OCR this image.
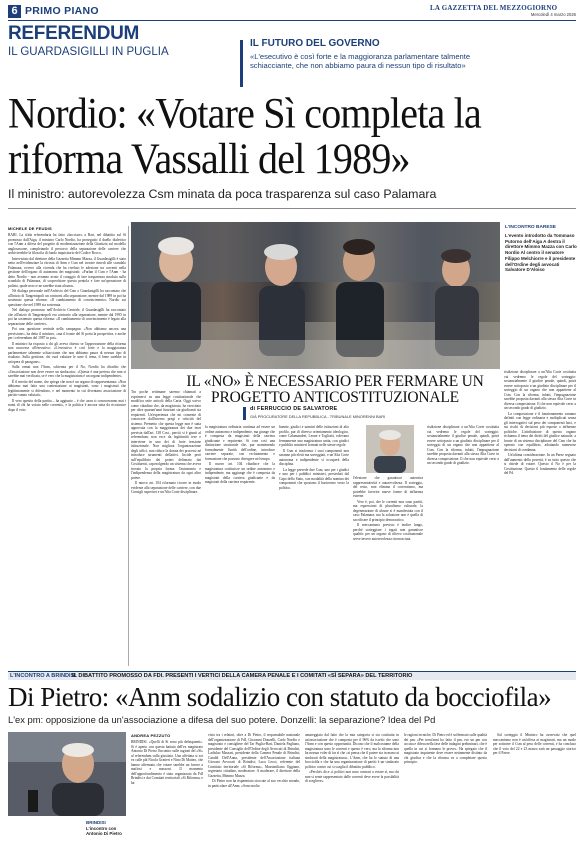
6 PRIMO PIANO	LA GAZZETTA DEL MEZZOGIORNO
Mercoledì 4 marzo 2026
REFERENDUM
IL GUARDASIGILLI IN PUGLIA
IL FUTURO DEL GOVERNO
«L'esecutivo è così forte e la maggioranza parlamentare talmente schiacciante, che non abbiamo paura di nessun tipo di risultato»
Nordio: «Votare Sì completa la riforma Vassalli del 1989»
Il ministro: autorevolezza Csm minata da poca trasparenza sul caso Palamara
L'INCONTRO BARESE
L'evento introdotto da Tommaso Putorno dell'Aiga A destra il direttore Mimmo Mazza con Carlo Nordio Al centro il senatore Filippo Melchiorre e il presidente dell'Ordine degli avvocati Salvatore D'Aloiso
MICHELE DE FEUDIS

BARI. La sfida referendaria ha fatto «bocciare» a Bari, nel dibattito sul Sì promosso dall'Aiga, il ministro Carlo Nordio, ha proseguito il duello dialettico con l'Anm a difesa del progetto di modernizzazione della Giustizia sul modello anglosassone, completando il percorso della separazione delle carriere che archivierebbe la filosofia di fondo inquisitorio del Codice Rocco.

Intervistato dal direttore della Gazzetta Mimmo Mazza, il Guardasigilli è stato netto nell'evidenziare la ritrosia di Anm e Csm nel trovare rimedi alle scandalo Palamara, ovvero alla vicenda che ha rivelato le adesione tra correnti nella gestione dell'organo di autonoma dei magistrati: «Furlan il Csm e l'Anm - ha detto Nordio - non avranno avuto il coraggio di fare trasparenza assoluta sullo scandalo di Palamara, di scoperchiare questa pentola e fare un'operazione di pulizia, quale non ce ne sarebbe stata alcuna».

Né dialoga personale nell'Archivio del Csm o Guardasigilli ha raccontato che all'inizio di Tangentopoli un contrarsi alla separazione, mentre dal 1989 in poi ha sostenuto questa riforma: «Il cambiamento di convincimento» Nordio sui questione che nel 1989 sia sostenuta.

Nel dialogo promosso nell'Archivio Centrale, il Guardasigilli ha raccontato che all'inizio di Tangentopoli era contrario alla separazione, mentre dal 1995 in poi ha sostenuto questa riforma: «Il cambiamento di convincimento è legato alla separazione delle carriere».

Poi una questione centrale nella campagna: «Non abbiamo ancora una previsione», ha detto il ministro, «ma il fronte del Sì porta la prospettiva, e anche per i referendum del 1987 in poi».

Il ministro ha risposto a chi gli aveva chiesto se l'approvazione della riforma non nuocesse all'esecutivo: «L'esecutivo è così forte e la maggioranza parlamentare talmente schiacciante che non abbiamo paura di nessun tipo di risultato. Sulla gestione, chi vuol valutare le urne il tema, il bene sarebbe in un'opera di paragone».

Sulla ormai non l'Anm, schierata per il No, Nordio ha ribadito che «l'associazione non deve essere un sindacato»: «Questa è una pretesa che non si sarebbe mai verificata, se è vero che la magistratura è un organo indipendente».

È il merito del nome, che spiega che non è un organo di rappresentanza: «Non abbiamo mai fatto una contestazione ai magistrati, sono i magistrati che legittimamente si difendono, e nel momento in cui diventano associazione di partito vanno valutati».

Il vero quesito della partita – ha aggiunto – è che «non si conosceranno mai i nomi di chi ha votato nelle correnti», e la politica è ancora tutta da ricostruire dopo il voto.

IL «NO» È NECESSARIO PER FERMARE UN PROGETTO ANTICOSTITUZIONALE
di FERRUCCIO DE SALVATORE
GIÀ PROCURATORE DELLA REPUBBLICA - TRIBUNALE MINORENNI BARI

Tra poche settimane saremo chiamati a esprimerci su una legge costituzionale che modifica sette articoli della Carta. Oggi scrivo come cittadino che, da magistrato, ha esercitato per oltre quarant'anni funzioni sia giudicanti sia requirenti. Un'esperienza che mi consente di conoscere dall'interno pregi e criticità del sistema. Premetto che questa legge non è stata approvata con la maggioranza dei due terzi prevista dall'art. 138 Cost., perciò si è giunti al referendum; non esce da legittimità tese e interviene in uno dei di forte tensione istituzionale. Non migliora l'organizzazione degli uffici, non riduce la durata dei processi né introduce strumenti deflattivi. Incide però sull'equilibrio dei poteri delineato dai Costituenti, capovolgendo un sistema che aveva trovato la propria forma: l'autonomia e l'indipendenza della magistratura da ogni altro potere.

Il nuovo art. 104 riformato ricorre in modo evidente alla separazione delle carriere, con due Consigli superiori e un'Alta Corte disciplinare.

la magistratura ordinaria continua ad essere un ordine autonomo e indipendente, ma giunge che è composta da magistrati della carriera giudicante e requirente. Si crea così una distinzione strutturale che, pur mantenendo formalmente l'unità dell'ordine, introduce carriere separate, con reclutamento e formazione che possono divergere nel tempo.

Il nuovo art. 104 ribadisce che la magistratura costituisce un ordine autonomo e indipendente, ma aggiunge che è composta da magistrati della carriera giudicante e da magistrati della carriera requirente.

buente, giudici e uomini delle istituzioni di alto profilo, pur di diverso orientamento ideologico, come Calamandrei, Leone e Togliatti, volevano fermamente una magistratura unita, con giudici e pubblici ministeri formati nelle stesse regole.

Il Csm si trasforma: i suoi componenti non saranno più eletti ma sorteggiati, e un'Alta Corte autonoma e indipendente si occuperà della disciplina.

La legge prevede due Csm, uno per i giudici e uno per i pubblici ministeri, presieduti dal Capo dello Stato, con modalità della nomina dei componenti che spostano il baricentro verso la politica.

l'elezione che garantisce autentica rappresentatività e autorevolezza. Il sorteggio, del resto, non elimina il correntismo, ma potrebbe favorire nuove forme di influenza esterne.

Vero è, poi, che le correnti non sono partiti, ma espressioni di pluralismo culturale, la degenerazione di alcune si è manifestata con il caso Palamara; ma la soluzione non è quella di sacrificare il principio democratico.

Il meccanismo previsto è inoltre lungo, perché sorteggiare i togati non garantisce qualità: per un organo di rilievo costituzionale serve invece autorevolezza riconosciuta.

risdizione disciplinare a un'Alta Corte costituita cui vedremo le regole del sorteggio: sostanzialmente il giudice penale, quindi, potrà essere sottoposto a un giudizio disciplinare per il sorteggio di un organo che non appartiene al Csm. Con la riforma, infatti, l'impugnazione sarebbe proposta davanti alla stessa Alta Corte in diversa composizione. Il che non equivale certo a un secondo grado di giudizio.

La composizione e il funzionamento saranno definiti con legge ordinaria e moltiplicati senza gli interrogativi sul peso dei componenti laici, e sui rischi di decisioni più esposte a influenze politiche. L'attribuzione di questo organo richiama il tema dei diritti del giudice naturale, a fronte di un sistema disciplinare del Csm che ha operato con equilibrio, adottando numerose decisioni di condanna.

Un'ultima considerazione. In un Paese segnato dall'aumento della povertà, è su tutto questo che si chiede di votare. Questo il No è per la Costituzione. Questo il fondamento delle regole del Pd.

risdizione disciplinare a un'Alta Corte costituita cui vedremo le regole del sorteggio: sostanzialmente il giudice penale, quindi, potrà essere sottoposto a un giudizio disciplinare per il sorteggio di un organo che non appartiene al Csm. Con la riforma, infatti, l'impugnazione sarebbe proposta davanti alla stessa Alta Corte in diversa composizione. Il che non equivale certo a un secondo grado di giudizio.

L'INCONTRO A BRINDISI
IL DIBATTITO PROMOSSO DA FDI. PRESENTI I VERTICI DELLA CAMERA PENALE E I COMITATI «SÌ SEPARA» DEL TERRITORIO
Di Pietro: «Anm sodalizio con statuto da bocciofila»
L'ex pm: opposizione da un'associazione a difesa del suo potere. Donzelli: la separazione? Idea del Pd
BRINDISI
L'incontro con Antonio Di Pietro
ANDREA PEZZUTO

BRINDISI. «Quelli di Sì sono più delinquenti». Si è aperto con questa battuta dell'ex magistrato Antonio Di Pietro l'incontro sulle ragioni del «Sì» al referendum sulla giustizia. Una affettata si sot ex calle plà Nicola Gratteri e Nino Di Matteo, che hanno affermato che votare sarebbe un favore a mafiosi e massoni. Il momento dell'approfondimento è stato organizzato da FdI Brindisi e dai Comitati territoriali «Sì Riforma» e ha

visto tra i relatori, oltre a Di Pietro, il responsabile nazionale dell'organizzazione di FdI, Giovanni Donzelli, Carlo Nordio e magistrato e consigliere del Tar Puglia-Bari, Daniela Pagliano, presidente del Consiglio dell'Ordine degli Avvocati di Brindisi, Ladislao Massari, presidente della Camera Penale di Brindisi; Cataldi Dell'Anna, presidente dell'Associazione italiana Giovani Avvocati di Brindisi; Luca Leoci, referente del Comitato territoriale «Sì Riforma», Massimiliano Oggiano, segretario cittadino, moderatore. A moderare, il direttore della Gazzetta, Mimmo Mazza.

Di Pietro non ha risparmiato stoccate al suo vecchio mondo, in particolare all'Anm. «Sono molto

amareggiato dal fatto che la mia categoria si sia costituita in un'associazione che è composta per il 96% da iscritti che sono l'Anm e con questo opportunità. Dicono che il malcostume della magistratura sono le correnti e questo è vero, ma la riforma non ha nessun voler di far sì che «si pensa che il potere sia in mano ai sindacati della magistratura». L'Anm, che ha lo statuto di una bocciofila e che ha una organizzazione di partiti è un sindacato politico contro cui si scaglia il dibattito pubblico.

«Perché» dice «i politici non sono contrari a votare sì, ma chi non si sente rappresentato dalle correnti deve avere la possibilità di scegliere».

le ragioni tecniche, Di Pietro ed è soffermato sulle qualità dei pm: «Per trent'anni ho fatto il pm, ero un pm con accusa e difesa nella fase delle indagini preliminari, che è quella in cui si formano le prove». Ha spiegato che il magistrato inquirente deve essere nettamente distinto da chi giudica e che la riforma va a completare questo principio.

Sul sorteggio il Ministro ha osservato che quel meccanismo non è un'offesa ai magistrati, ma un modo per sottrarre il Csm al peso delle correnti, e ha concluso che il voto del 22 e 23 marzo sarà un passaggio storico per il Paese.
